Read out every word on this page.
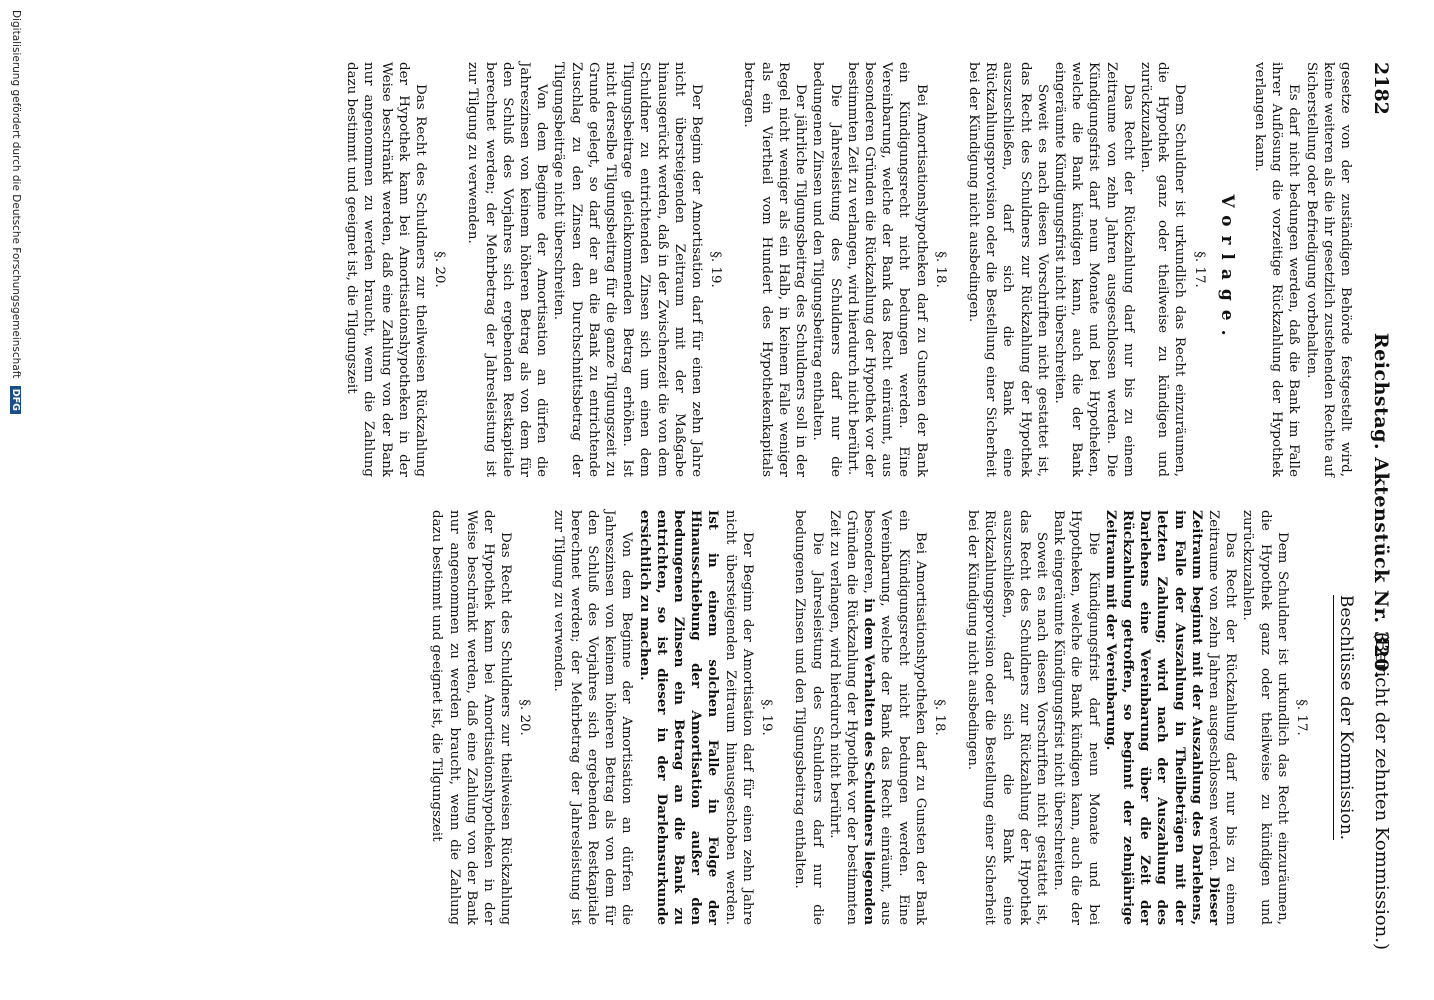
2182
Reichstag. Aktenstück Nr. 320.
(Bericht der zehnten Kommission.)

gesetze von der zuständigen Behörde festgestellt wird, keine weiteren als die ihr gesetzlich zustehenden Rechte auf Sicherstellung oder Befriedigung vorbehalten.

Es darf nicht bedungen werden, daß die Bank im Falle ihrer Auflösung die vorzeitige Rückzahlung der Hypothek verlangen kann.

Vorlage.
§. 17.

Dem Schuldner ist urkundlich das Recht einzuräumen, die Hypothek ganz oder theilweise zu kündigen und zurückzuzahlen.

Das Recht der Rückzahlung darf nur bis zu einem Zeitraume von zehn Jahren ausgeschlossen werden. Die Kündigungsfrist darf neun Monate und bei Hypotheken, welche die Bank kündigen kann, auch die der Bank eingeräumte Kündigungsfrist nicht überschreiten.

Soweit es nach diesen Vorschriften nicht gestattet ist, das Recht des Schuldners zur Rückzahlung der Hypothek auszuschließen, darf sich die Bank eine Rückzahlungsprovision oder die Bestellung einer Sicherheit bei der Kündigung nicht ausbedingen.

§. 18.

Bei Amortisationshypotheken darf zu Gunsten der Bank ein Kündigungsrecht nicht bedungen werden. Eine Vereinbarung, welche der Bank das Recht einräumt, aus besonderen Gründen die Rückzahlung der Hypothek vor der bestimmten Zeit zu verlangen, wird hierdurch nicht berührt.

Die Jahresleistung des Schuldners darf nur die bedungenen Zinsen und den Tilgungsbeitrag enthalten.

Der jährliche Tilgungsbeitrag des Schuldners soll in der Regel nicht weniger als ein Halb, in keinem Falle weniger als ein Viertheil vom Hundert des Hypothekenkapitals betragen.

§. 19.

Der Beginn der Amortisation darf für einen zehn Jahre nicht übersteigenden Zeitraum mit der Maßgabe hinausgerückt werden, daß in der Zwischenzeit die von dem Schuldner zu entrichtenden Zinsen sich um einen dem Tilgungsbeitrage gleichkommenden Betrag erhöhen. Ist nicht derselbe Tilgungsbeitrag für die ganze Tilgungszeit zu Grunde gelegt, so darf der an die Bank zu entrichtende Zuschlag zu den Zinsen den Durchschnittsbetrag der Tilgungsbeiträge nicht überschreiten.

Von dem Beginne der Amortisation an dürfen die Jahreszinsen von keinem höheren Betrag als von dem für den Schluß des Vorjahres sich ergebenden Restkapitale berechnet werden; der Mehrbetrag der Jahresleistung ist zur Tilgung zu verwenden.

§. 20.

Das Recht des Schuldners zur theilweisen Rückzahlung der Hypothek kann bei Amortisationshypotheken in der Weise beschränkt werden, daß eine Zahlung von der Bank nur angenommen zu werden braucht, wenn die Zahlung dazu bestimmt und geeignet ist, die Tilgungszeit

Beschlüsse der Kommission.
§. 17.

Dem Schuldner ist urkundlich das Recht einzuräumen, die Hypothek ganz oder theilweise zu kündigen und zurückzuzahlen.

Das Recht der Rückzahlung darf nur bis zu einem Zeitraume von zehn Jahren ausgeschlossen werden. Dieser Zeitraum beginnt mit der Auszahlung des Darlehens, im Falle der Auszahlung in Theilbeträgen mit der letzten Zahlung; wird nach der Auszahlung des Darlehens eine Vereinbarung über die Zeit der Rückzahlung getroffen, so beginnt der zehnjährige Zeitraum mit der Vereinbarung.

Die Kündigungsfrist darf neun Monate und bei Hypotheken, welche die Bank kündigen kann, auch die der Bank eingeräumte Kündigungsfrist nicht überschreiten.

Soweit es nach diesen Vorschriften nicht gestattet ist, das Recht des Schuldners zur Rückzahlung der Hypothek auszuschließen, darf sich die Bank eine Rückzahlungsprovision oder die Bestellung einer Sicherheit bei der Kündigung nicht ausbedingen.

§. 18.

Bei Amortisationshypotheken darf zu Gunsten der Bank ein Kündigungsrecht nicht bedungen werden. Eine Vereinbarung, welche der Bank das Recht einräumt, aus besonderen, in dem Verhalten des Schuldners liegenden Gründen die Rückzahlung der Hypothek vor der bestimmten Zeit zu verlangen, wird hierdurch nicht berührt.

Die Jahresleistung des Schuldners darf nur die bedungenen Zinsen und den Tilgungsbeitrag enthalten.

§. 19.

Der Beginn der Amortisation darf für einen zehn Jahre nicht übersteigenden Zeitraum hinausgeschoben werden. Ist in einem solchen Falle in Folge der Hinausschiebung der Amortisation außer den bedungenen Zinsen ein Betrag an die Bank zu entrichten, so ist dieser in der Darlehnsurkunde ersichtlich zu machen.

Von dem Beginne der Amortisation an dürfen die Jahreszinsen von keinem höheren Betrag als von dem für den Schluß des Vorjahres sich ergebenden Restkapitale berechnet werden; der Mehrbetrag der Jahresleistung ist zur Tilgung zu verwenden.

§. 20.

Das Recht des Schuldners zur theilweisen Rückzahlung der Hypothek kann bei Amortisationshypotheken in der Weise beschränkt werden, daß eine Zahlung von der Bank nur angenommen zu werden braucht, wenn die Zahlung dazu bestimmt und geeignet ist, die Tilgungszeit

Digitalisierung gefördert durch die Deutsche Forschungsgemeinschaft DFG
